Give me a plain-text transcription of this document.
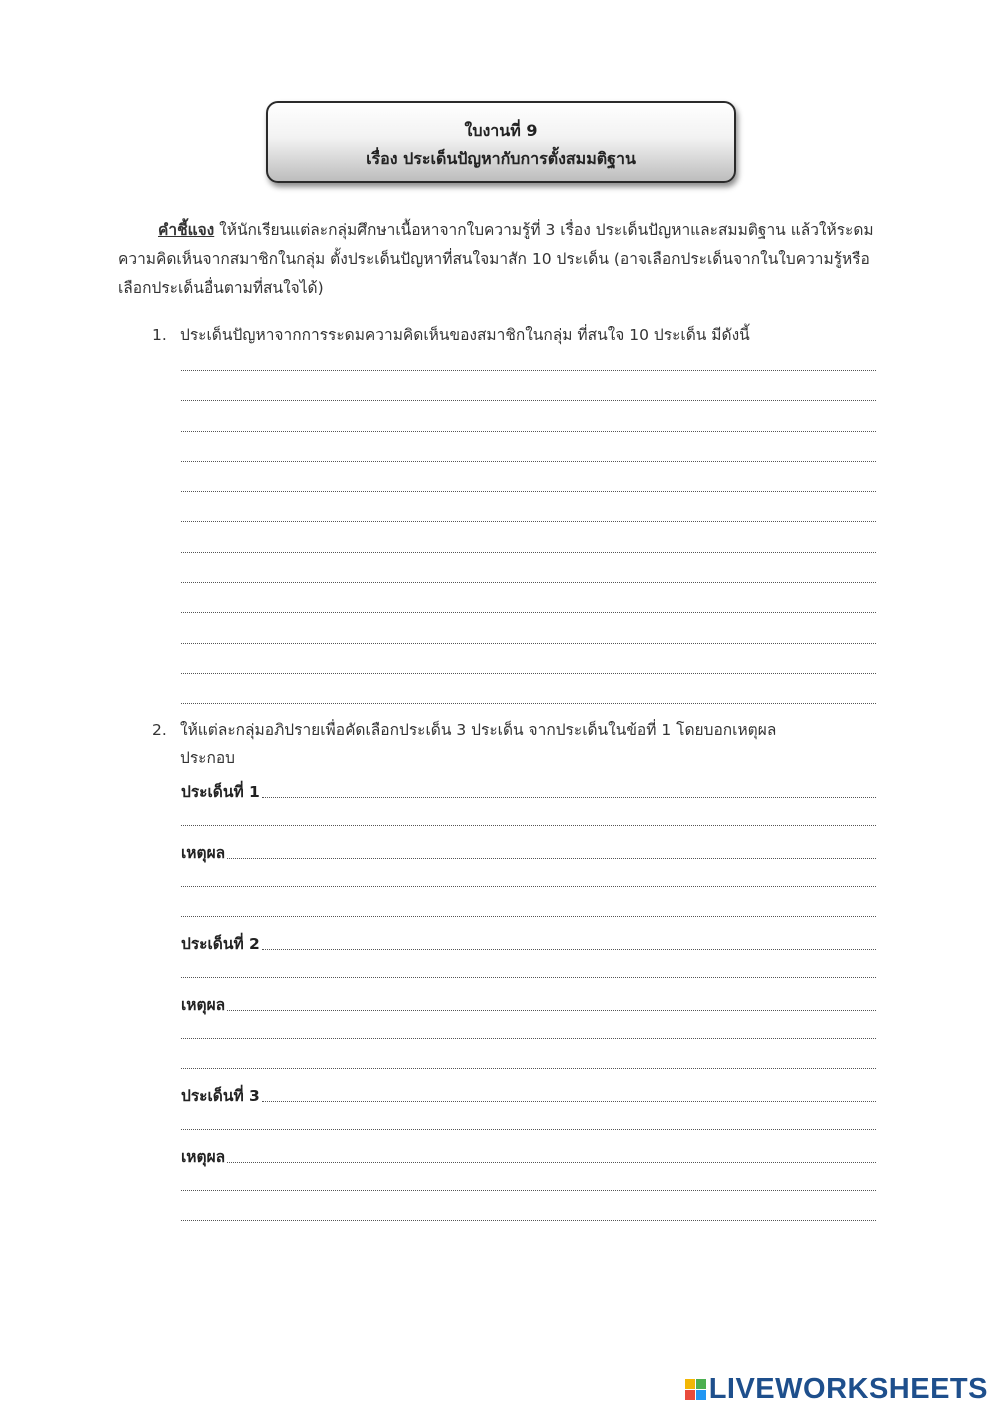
ใบงานที่ 9
เรื่อง ประเด็นปัญหากับการตั้งสมมติฐาน
คำชี้แจง ให้นักเรียนแต่ละกลุ่มศึกษาเนื้อหาจากใบความรู้ที่ 3 เรื่อง ประเด็นปัญหาและสมมติฐาน แล้วให้ระดมความคิดเห็นจากสมาชิกในกลุ่ม ตั้งประเด็นปัญหาที่สนใจมาสัก 10 ประเด็น (อาจเลือกประเด็นจากในใบความรู้หรือเลือกประเด็นอื่นตามที่สนใจได้)
1. ประเด็นปัญหาจากการระดมความคิดเห็นของสมาชิกในกลุ่ม ที่สนใจ 10 ประเด็น มีดังนี้
2. ให้แต่ละกลุ่มอภิปรายเพื่อคัดเลือกประเด็น 3 ประเด็น จากประเด็นในข้อที่ 1 โดยบอกเหตุผล
ประกอบ
ประเด็นที่ 1
เหตุผล
ประเด็นที่ 2
เหตุผล
ประเด็นที่ 3
เหตุผล
LIVEWORKSHEETS
